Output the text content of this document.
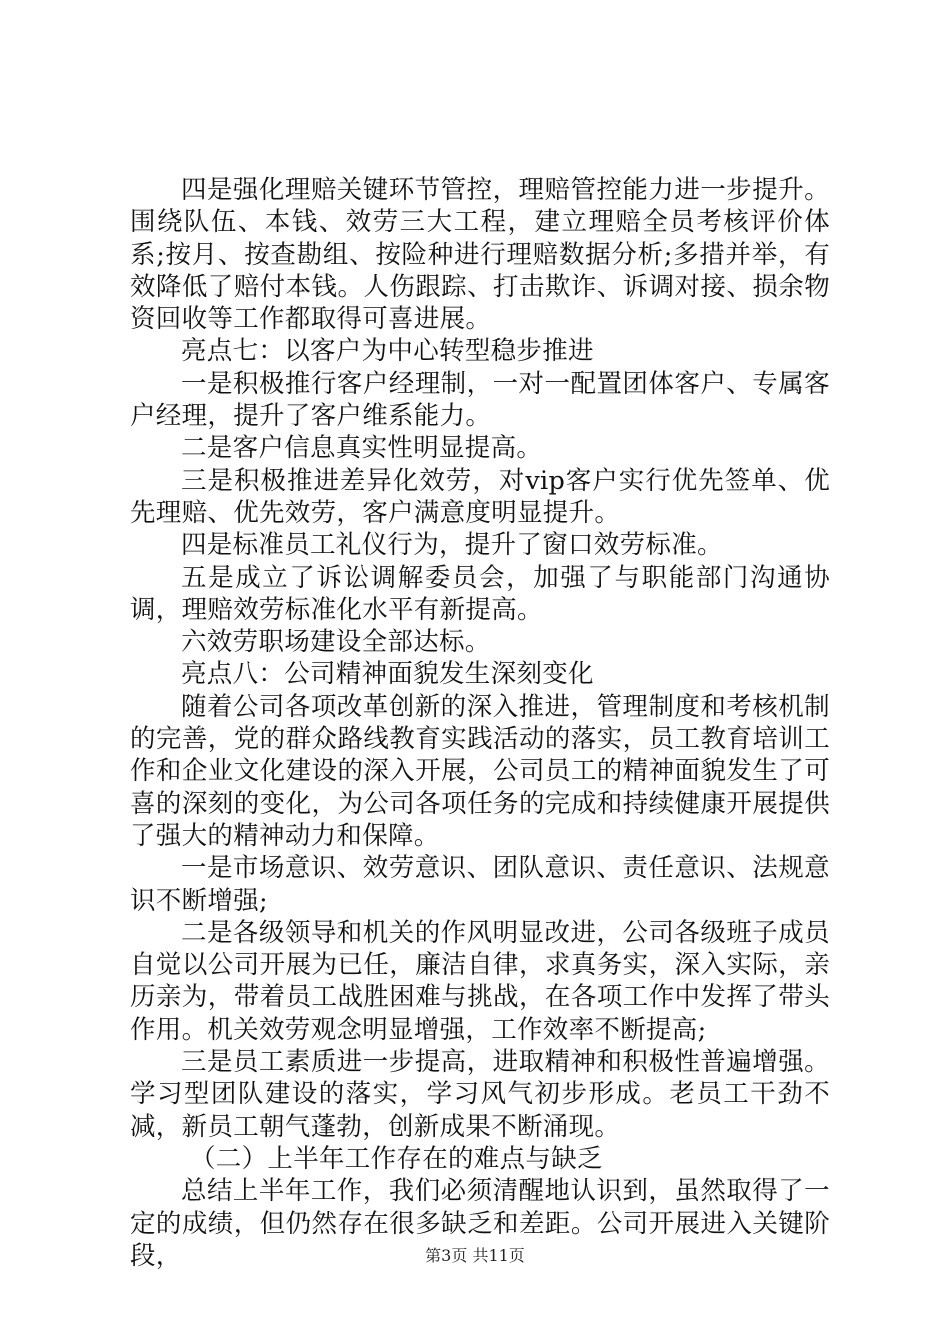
四是强化理赔关键环节管控，理赔管控能力进一步提升。围绕队伍、本钱、效劳三大工程，建立理赔全员考核评价体系;按月、按查勘组、按险种进行理赔数据分析;多措并举，有效降低了赔付本钱。人伤跟踪、打击欺诈、诉调对接、损余物资回收等工作都取得可喜进展。

亮点七：以客户为中心转型稳步推进

一是积极推行客户经理制，一对一配置团体客户、专属客户经理，提升了客户维系能力。

二是客户信息真实性明显提高。

三是积极推进差异化效劳，对vip客户实行优先签单、优先理赔、优先效劳，客户满意度明显提升。

四是标准员工礼仪行为，提升了窗口效劳标准。

五是成立了诉讼调解委员会，加强了与职能部门沟通协调，理赔效劳标准化水平有新提高。

六效劳职场建设全部达标。

亮点八：公司精神面貌发生深刻变化

随着公司各项改革创新的深入推进，管理制度和考核机制的完善，党的群众路线教育实践活动的落实，员工教育培训工作和企业文化建设的深入开展，公司员工的精神面貌发生了可喜的深刻的变化，为公司各项任务的完成和持续健康开展提供了强大的精神动力和保障。

一是市场意识、效劳意识、团队意识、责任意识、法规意识不断增强;

二是各级领导和机关的作风明显改进，公司各级班子成员自觉以公司开展为已任，廉洁自律，求真务实，深入实际，亲历亲为，带着员工战胜困难与挑战，在各项工作中发挥了带头作用。机关效劳观念明显增强，工作效率不断提高;

三是员工素质进一步提高，进取精神和积极性普遍增强。学习型团队建设的落实，学习风气初步形成。老员工干劲不减，新员工朝气蓬勃，创新成果不断涌现。

（二）上半年工作存在的难点与缺乏

总结上半年工作，我们必须清醒地认识到，虽然取得了一定的成绩，但仍然存在很多缺乏和差距。公司开展进入关键阶段，	第3页 共11页
